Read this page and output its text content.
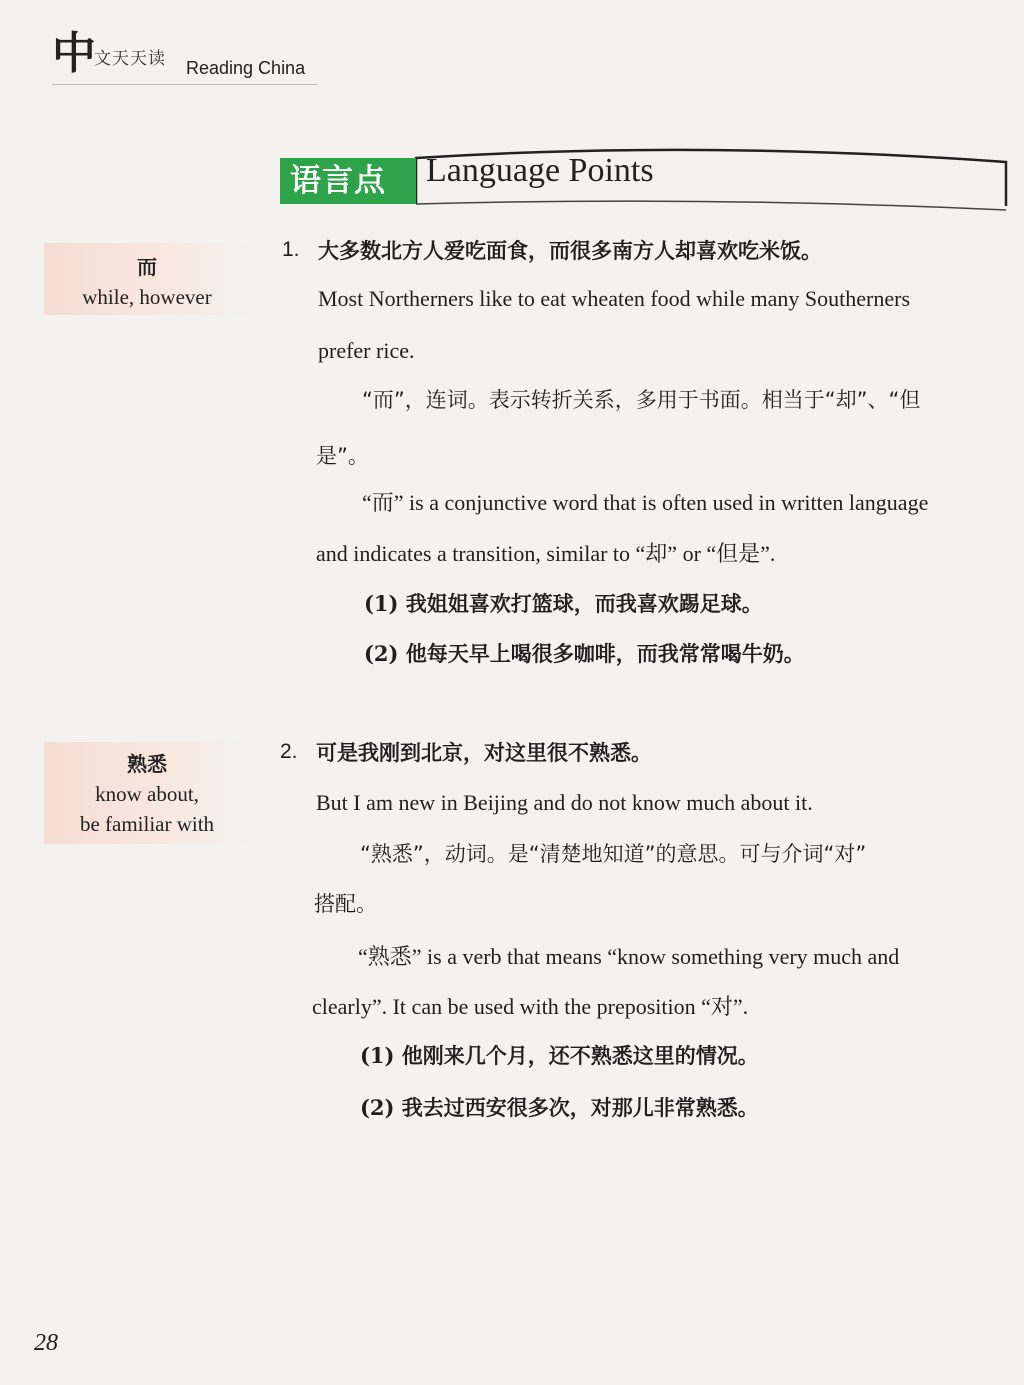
中
文天天读 Reading China
语言点	Language Points
而
while, however
熟悉
know about,
be familiar with
1. 大多数北方人爱吃面食，而很多南方人却喜欢吃米饭。
Most Northerners like to eat wheaten food while many Southerners
prefer rice.
“而”，连词。表示转折关系，多用于书面。相当于“却”、“但
是”。
“而” is a conjunctive word that is often used in written language
and indicates a transition, similar to “却” or “但是”.
(1) 我姐姐喜欢打篮球，而我喜欢踢足球。
(2) 他每天早上喝很多咖啡，而我常常喝牛奶。
2. 可是我刚到北京，对这里很不熟悉。
But I am new in Beijing and do not know much about it.
“熟悉”，动词。是“清楚地知道”的意思。可与介词“对”
搭配。
“熟悉” is a verb that means “know something very much and
clearly”. It can be used with the preposition “对”.
(1) 他刚来几个月，还不熟悉这里的情况。
(2) 我去过西安很多次，对那儿非常熟悉。
28
